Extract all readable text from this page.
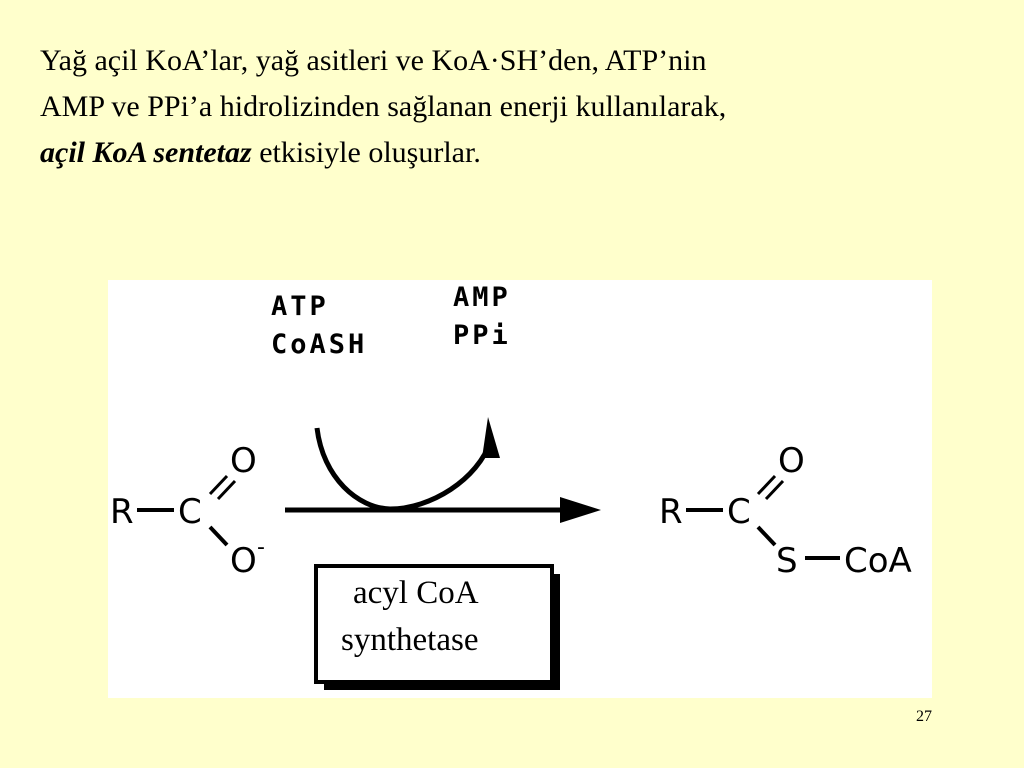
Yağ açil KoA’lar, yağ asitleri ve KoA·SH’den, ATP’nin

AMP ve PPi’a hidrolizinden sağlanan enerji kullanılarak,

açil KoA sentetaz etkisiyle oluşurlar.

ATP
CoASH
AMP
PPi
R C
O
O -
R C
O
S CoA
acyl CoA
synthetase
27
